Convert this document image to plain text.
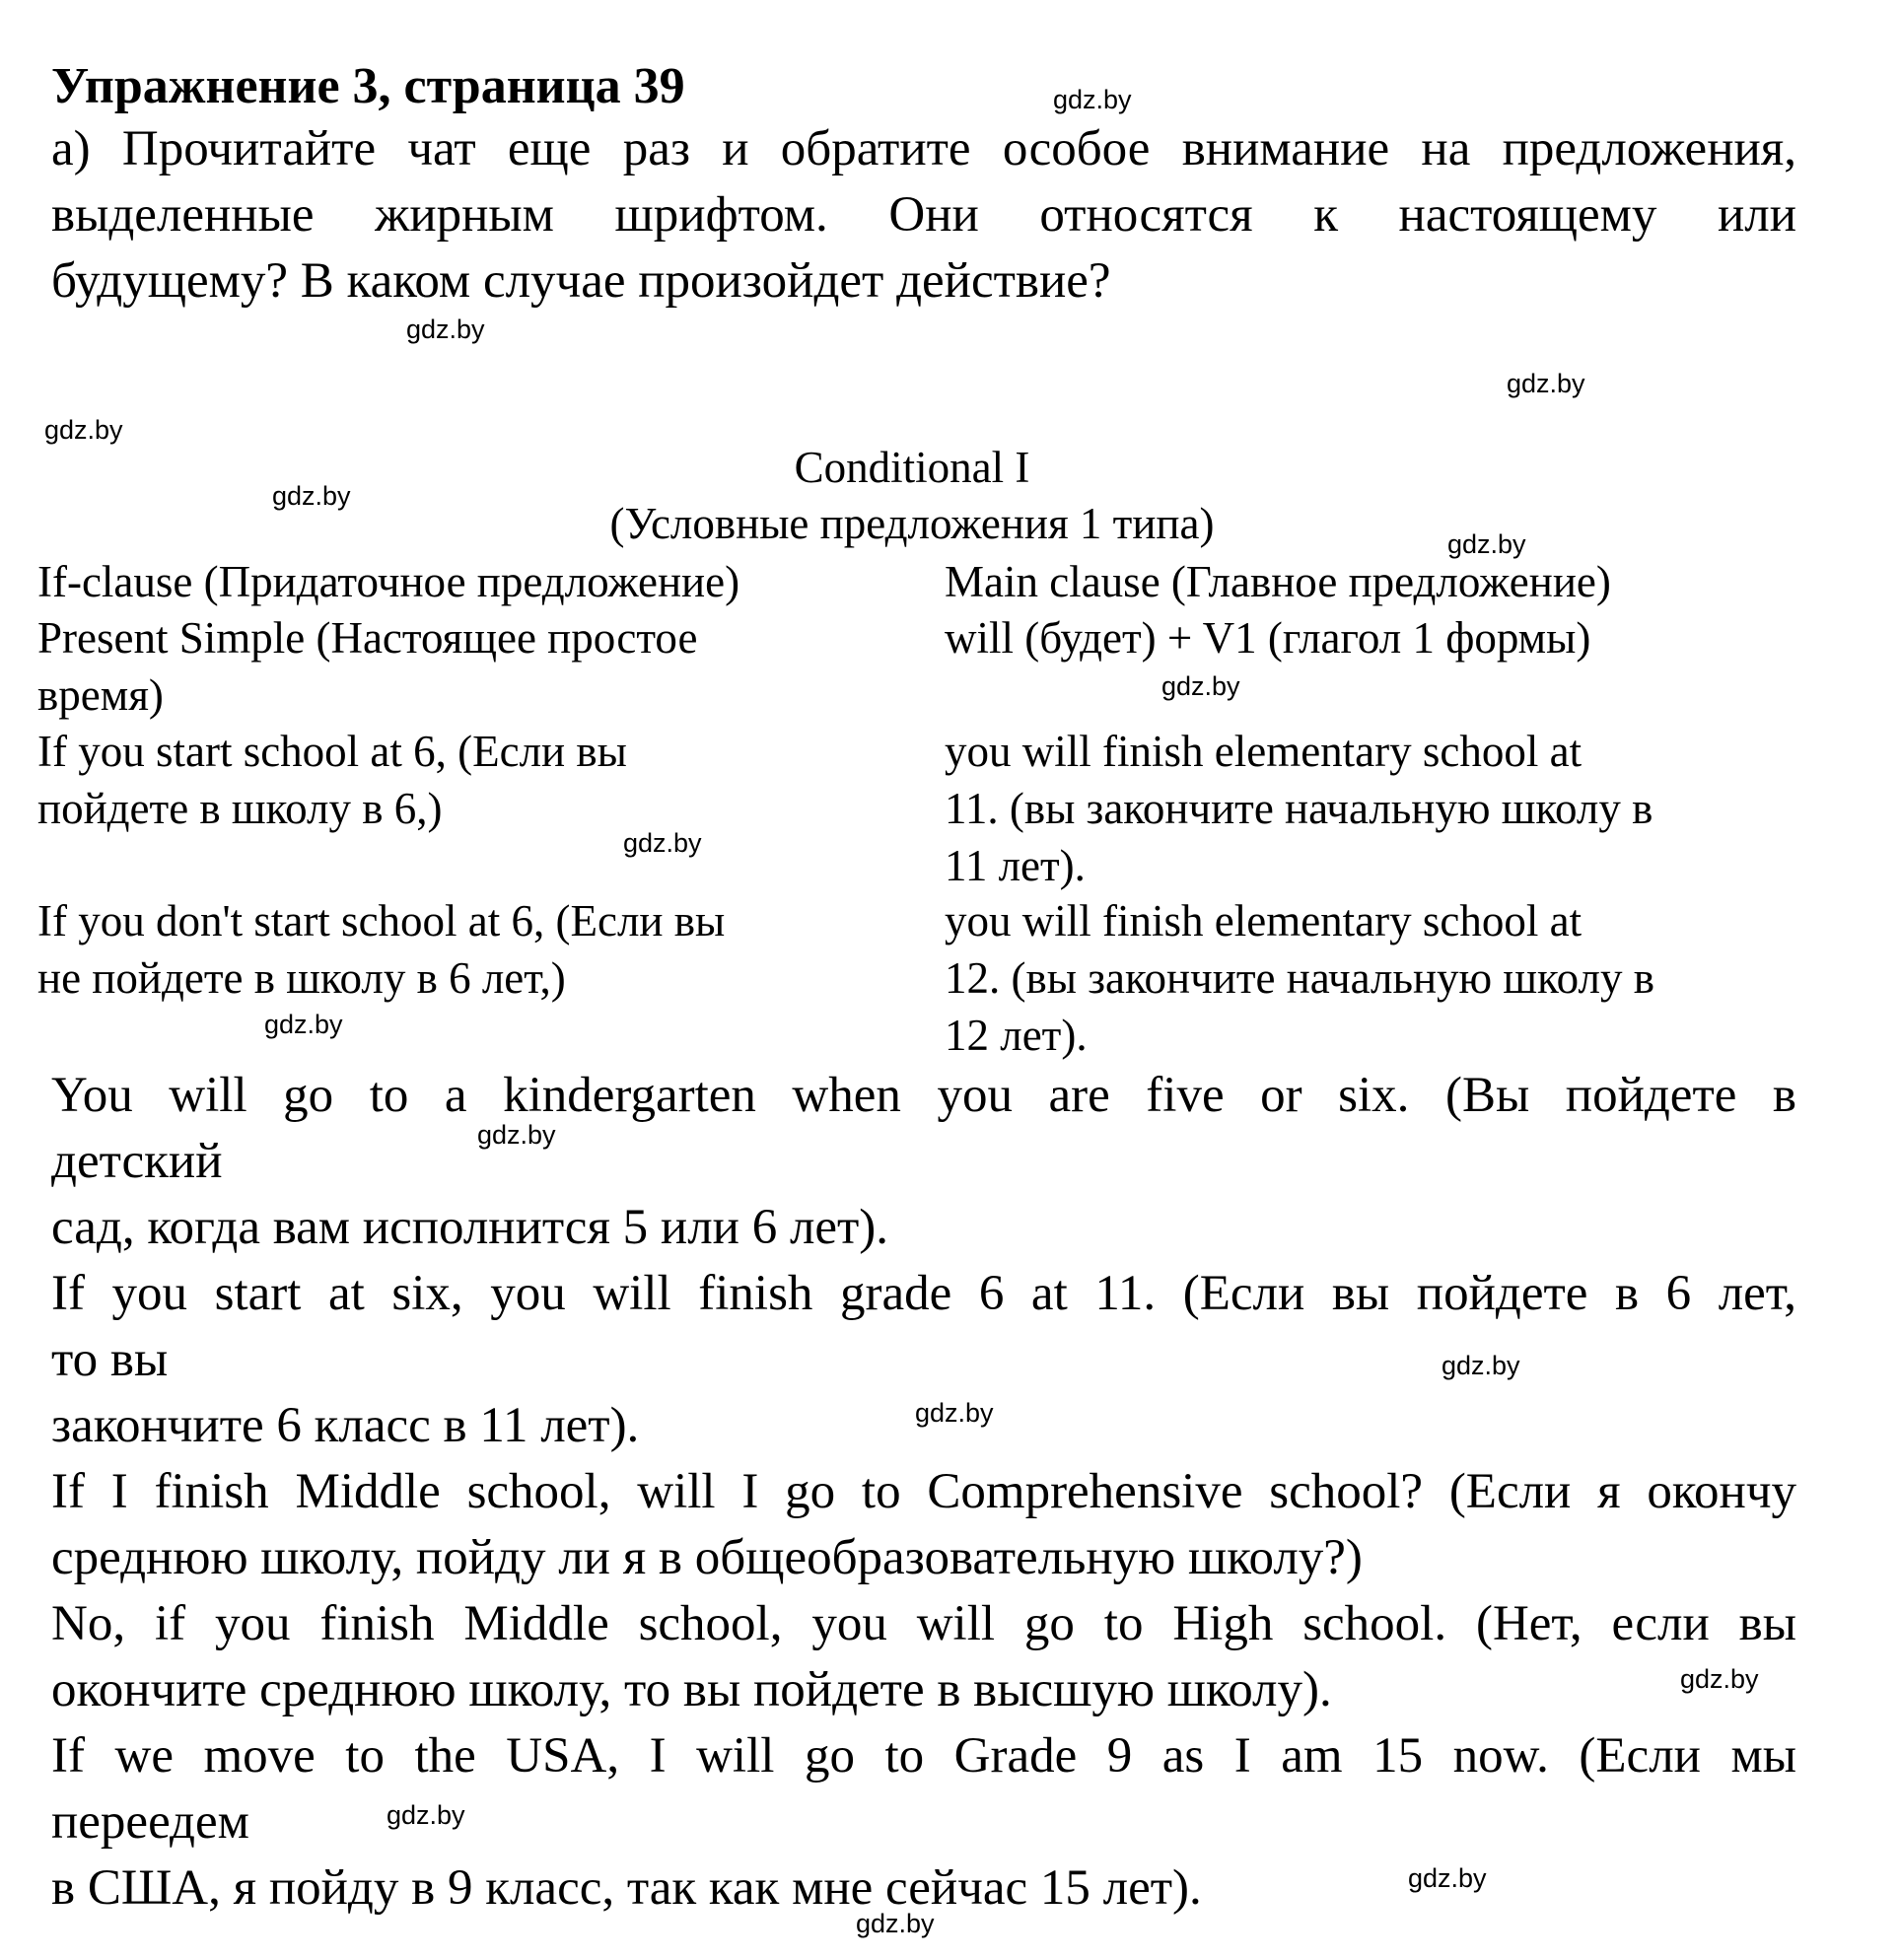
Упражнение 3, страница 39
а) Прочитайте чат еще раз и обратите особое внимание на предложения,
выделенные жирным шрифтом. Они относятся к настоящему или
будущему? В каком случае произойдет действие?
Conditional I
(Условные предложения 1 типа)
If-clause (Придаточное предложение)	Main clause (Главное предложение)
Present Simple (Настоящее простое
время)
will (будет) + V1 (глагол 1 формы)
If you start school at 6, (Если вы
пойдете в школу в 6,)
you will finish elementary school at
11. (вы закончите начальную школу в
11 лет).
If you don't start school at 6, (Если вы
не пойдете в школу в 6 лет,)
you will finish elementary school at
12. (вы закончите начальную школу в
12 лет).
You will go to a kindergarten when you are five or six. (Вы пойдете в
детский
сад, когда вам исполнится 5 или 6 лет).
If you start at six, you will finish grade 6 at 11. (Если вы пойдете в 6 лет,
то вы
закончите 6 класс в 11 лет).
If I finish Middle school, will I go to Comprehensive school? (Если я окончу
среднюю школу, пойду ли я в общеобразовательную школу?)
No, if you finish Middle school, you will go to High school. (Нет, если вы
окончите среднюю школу, то вы пойдете в высшую школу).
If we move to the USA, I will go to Grade 9 as I am 15 now. (Если мы
переедем
в США, я пойду в 9 класс, так как мне сейчас 15 лет).
gdz.by
gdz.by
gdz.by
gdz.by
gdz.by
gdz.by
gdz.by
gdz.by
gdz.by
gdz.by
gdz.by
gdz.by
gdz.by
gdz.by
gdz.by
gdz.by
